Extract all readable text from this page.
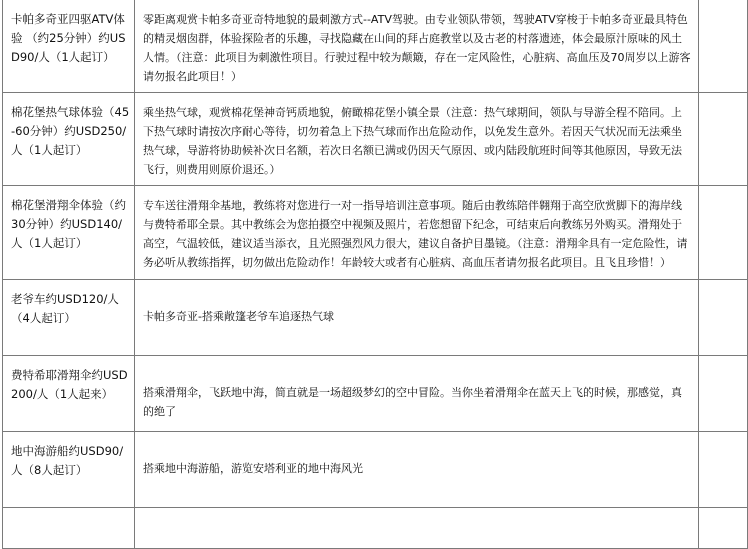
卡帕多奇亚四驱ATV体验 （约25分钟）约USD90/人（1人起订）	零距离观赏卡帕多奇亚奇特地貌的最刺激方式--ATV驾驶。由专业领队带领，驾驶ATV穿梭于卡帕多奇亚最具特色的精灵烟囱群，体验探险者的乐趣，寻找隐藏在山间的拜占庭教堂以及古老的村落遗迹，体会最原汁原味的风土人情。（注意：此项目为刺激性项目。行驶过程中较为颠簸，存在一定风险性，心脏病、高血压及70周岁以上游客请勿报名此项目！）	

棉花堡热气球体验（45-60分钟）约USD250/人（1人起订）	乘坐热气球，观赏棉花堡神奇钙质地貌，俯瞰棉花堡小镇全景（注意：热气球期间，领队与导游全程不陪同。上下热气球时请按次序耐心等待，切勿着急上下热气球而作出危险动作，以免发生意外。若因天气状况而无法乘坐热气球，导游将协助候补次日名额，若次日名额已满或仍因天气原因、或内陆段航班时间等其他原因，导致无法飞行，则费用则原价退还。）	

棉花堡滑翔伞体验（约30分钟）约USD140/人（1人起订）	专车送往滑翔伞基地，教练将对您进行一对一指导培训注意事项。随后由教练陪伴翱翔于高空欣赏脚下的海岸线与费特希耶全景。其中教练会为您拍摄空中视频及照片，若您想留下纪念，可结束后向教练另外购买。滑翔处于高空，气温较低，建议适当添衣，且光照强烈风力很大，建议自备护目墨镜。（注意：滑翔伞具有一定危险性，请务必听从教练指挥，切勿做出危险动作！年龄较大或者有心脏病、高血压者请勿报名此项目。且飞且珍惜！）	

老爷车约USD120/人（4人起订）	卡帕多奇亚-搭乘敞篷老爷车追逐热气球	

费特希耶滑翔伞约USD200/人（1人起来）	搭乘滑翔伞，飞跃地中海，简直就是一场超级梦幻的空中冒险。当你坐着滑翔伞在蓝天上飞的时候，那感觉，真的绝了	

地中海游船约USD90/人（8人起订）	搭乘地中海游船，游览安塔利亚的地中海风光	
